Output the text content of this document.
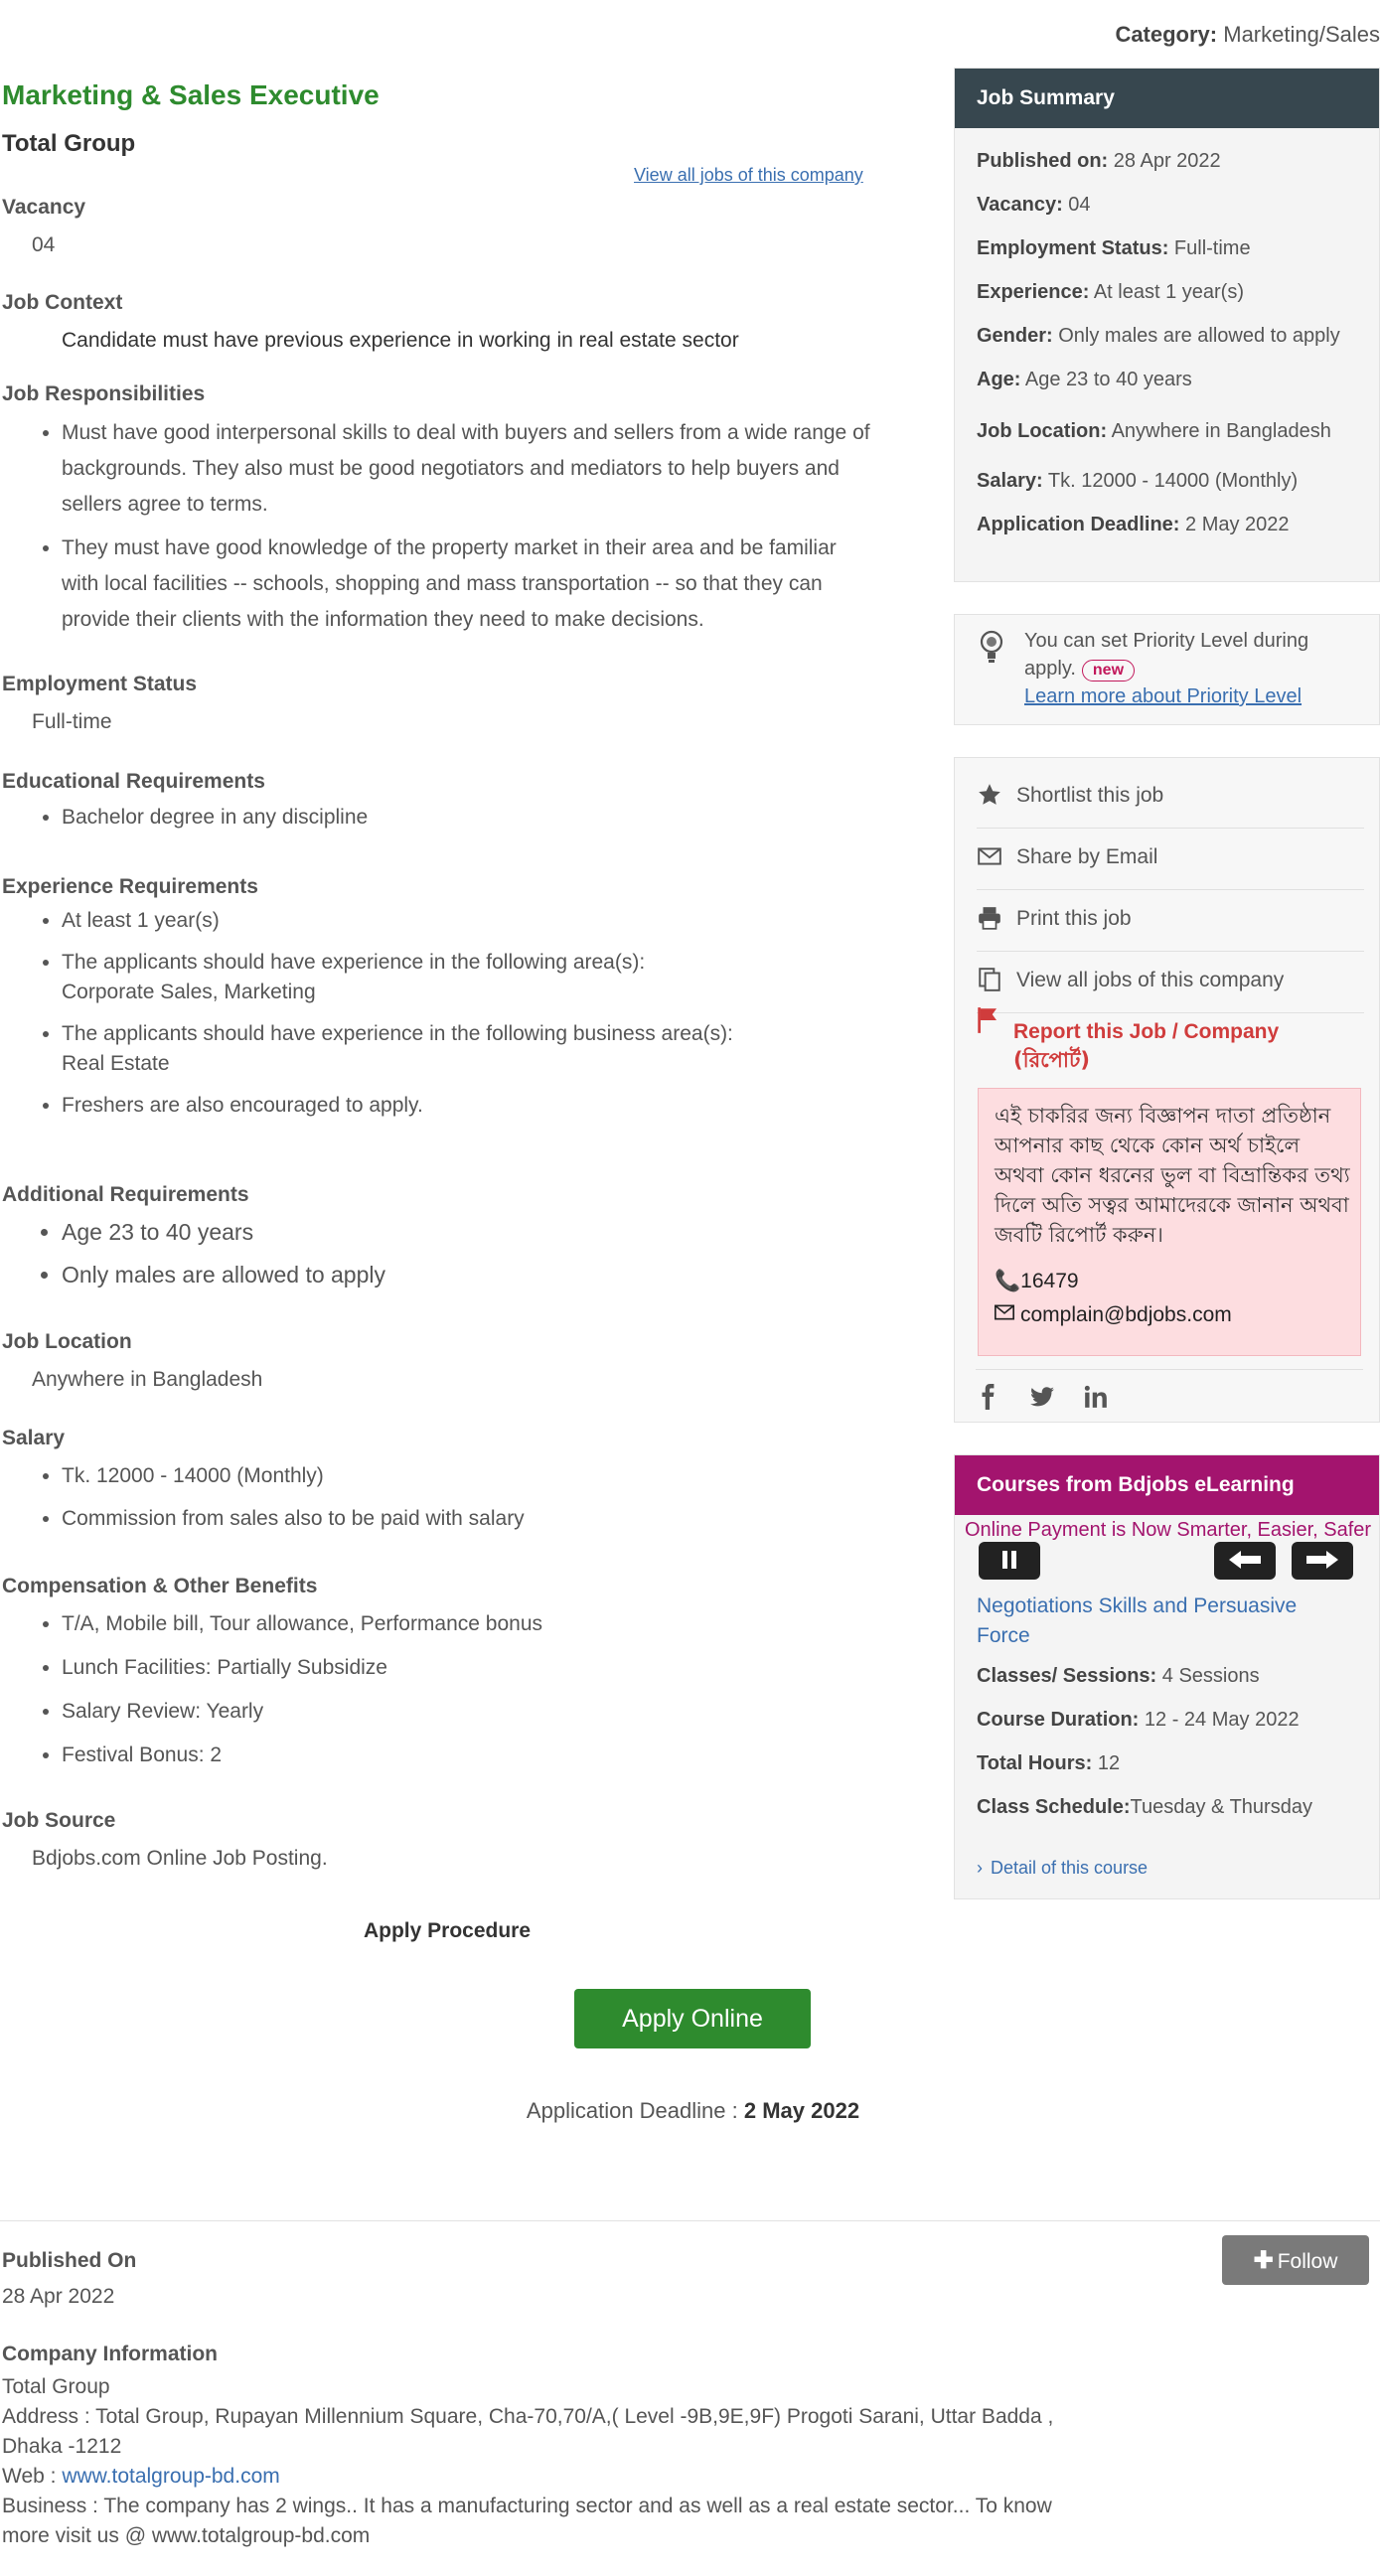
Category: Marketing/Sales
Marketing & Sales Executive
Total Group
View all jobs of this company
Vacancy
04
Job Context
Candidate must have previous experience in working in real estate sector
Job Responsibilities
• Must have good interpersonal skills to deal with buyers and sellers from a wide range of backgrounds. They also must be good negotiators and mediators to help buyers and sellers agree to terms.
• They must have good knowledge of the property market in their area and be familiar with local facilities -- schools, shopping and mass transportation -- so that they can provide their clients with the information they need to make decisions.
Employment Status
Full-time
Educational Requirements
• Bachelor degree in any discipline
Experience Requirements
• At least 1 year(s)
• The applicants should have experience in the following area(s):
Corporate Sales, Marketing
• The applicants should have experience in the following business area(s):
Real Estate
• Freshers are also encouraged to apply.
Additional Requirements
• Age 23 to 40 years
• Only males are allowed to apply
Job Location
Anywhere in Bangladesh
Salary
• Tk. 12000 - 14000 (Monthly)
• Commission from sales also to be paid with salary
Compensation & Other Benefits
• T/A, Mobile bill, Tour allowance, Performance bonus
• Lunch Facilities: Partially Subsidize
• Salary Review: Yearly
• Festival Bonus: 2
Job Source
Bdjobs.com Online Job Posting.
Apply Procedure
Apply Online
Application Deadline : 2 May 2022
✚ Follow
Published On
28 Apr 2022
Company Information
Total Group
Address : Total Group, Rupayan Millennium Square, Cha-70,70/A,( Level -9B,9E,9F) Progoti Sarani, Uttar Badda ,
Dhaka -1212
Web : www.totalgroup-bd.com
Business : The company has 2 wings.. It has a manufacturing sector and as well as a real estate sector... To know
more visit us @ www.totalgroup-bd.com
Job Summary
Published on: 28 Apr 2022
Vacancy: 04
Employment Status: Full-time
Experience: At least 1 year(s)
Gender: Only males are allowed to apply
Age: Age 23 to 40 years
Job Location: Anywhere in Bangladesh
Salary: Tk. 12000 - 14000 (Monthly)
Application Deadline: 2 May 2022
You can set Priority Level during
apply. new
Learn more about Priority Level
Shortlist this job
Share by Email
Print this job
View all jobs of this company
Report this Job / Company
(রিপোর্ট)
এই চাকরির জন্য বিজ্ঞাপন দাতা প্রতিষ্ঠান আপনার কাছ থেকে কোন অর্থ চাইলে অথবা কোন ধরনের ভুল বা বিভ্রান্তিকর তথ্য দিলে অতি সত্বর আমাদেরকে জানান অথবা জবটি রিপোর্ট করুন।
📞16479
complain@bdjobs.com

Courses from Bdjobs eLearning
Online Payment is Now Smarter, Easier, Safer
Negotiations Skills and Persuasive Force
Classes/ Sessions: 4 Sessions
Course Duration: 12 - 24 May 2022
Total Hours: 12
Class Schedule:Tuesday & Thursday
› Detail of this course
